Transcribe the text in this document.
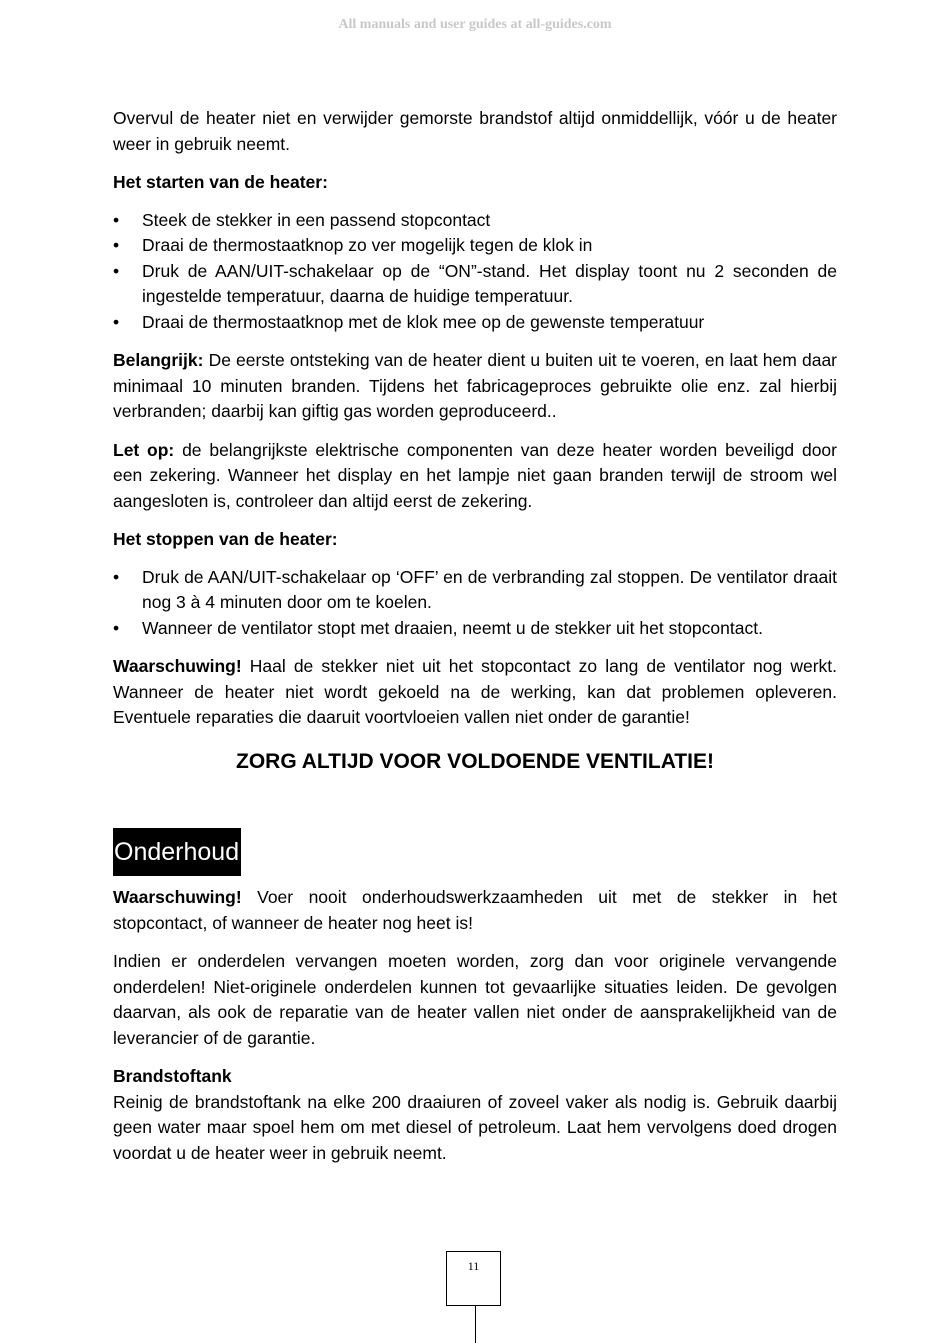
All manuals and user guides at all-guides.com

Overvul de heater niet en verwijder gemorste brandstof altijd onmiddellijk, vóór u de heater weer in gebruik neemt.

Het starten van de heater:

• Steek de stekker in een passend stopcontact
• Draai de thermostaatknop zo ver mogelijk tegen de klok in
• Druk de AAN/UIT-schakelaar op de “ON”-stand. Het display toont nu 2 seconden de ingestelde temperatuur, daarna de huidige temperatuur.
• Draai de thermostaatknop met de klok mee op de gewenste temperatuur

Belangrijk: De eerste ontsteking van de heater dient u buiten uit te voeren, en laat hem daar minimaal 10 minuten branden. Tijdens het fabricageproces gebruikte olie enz. zal hierbij verbranden; daarbij kan giftig gas worden geproduceerd..

Let op: de belangrijkste elektrische componenten van deze heater worden beveiligd door een zekering. Wanneer het display en het lampje niet gaan branden terwijl de stroom wel aangesloten is, controleer dan altijd eerst de zekering.

Het stoppen van de heater:

• Druk de AAN/UIT-schakelaar op ‘OFF’ en de verbranding zal stoppen. De ventilator draait nog 3 à 4 minuten door om te koelen.
• Wanneer de ventilator stopt met draaien, neemt u de stekker uit het stopcontact.

Waarschuwing! Haal de stekker niet uit het stopcontact zo lang de ventilator nog werkt. Wanneer de heater niet wordt gekoeld na de werking, kan dat problemen opleveren. Eventuele reparaties die daaruit voortvloeien vallen niet onder de garantie!

ZORG ALTIJD VOOR VOLDOENDE VENTILATIE!
Onderhoud

Waarschuwing! Voer nooit onderhoudswerkzaamheden uit met de stekker in het stopcontact, of wanneer de heater nog heet is!

Indien er onderdelen vervangen moeten worden, zorg dan voor originele vervangende onderdelen! Niet-originele onderdelen kunnen tot gevaarlijke situaties leiden. De gevolgen daarvan, als ook de reparatie van de heater vallen niet onder de aansprakelijkheid van de leverancier of de garantie.

Brandstoftank

Reinig de brandstoftank na elke 200 draaiuren of zoveel vaker als nodig is. Gebruik daarbij geen water maar spoel hem om met diesel of petroleum. Laat hem vervolgens doed drogen voordat u de heater weer in gebruik neemt.

11
